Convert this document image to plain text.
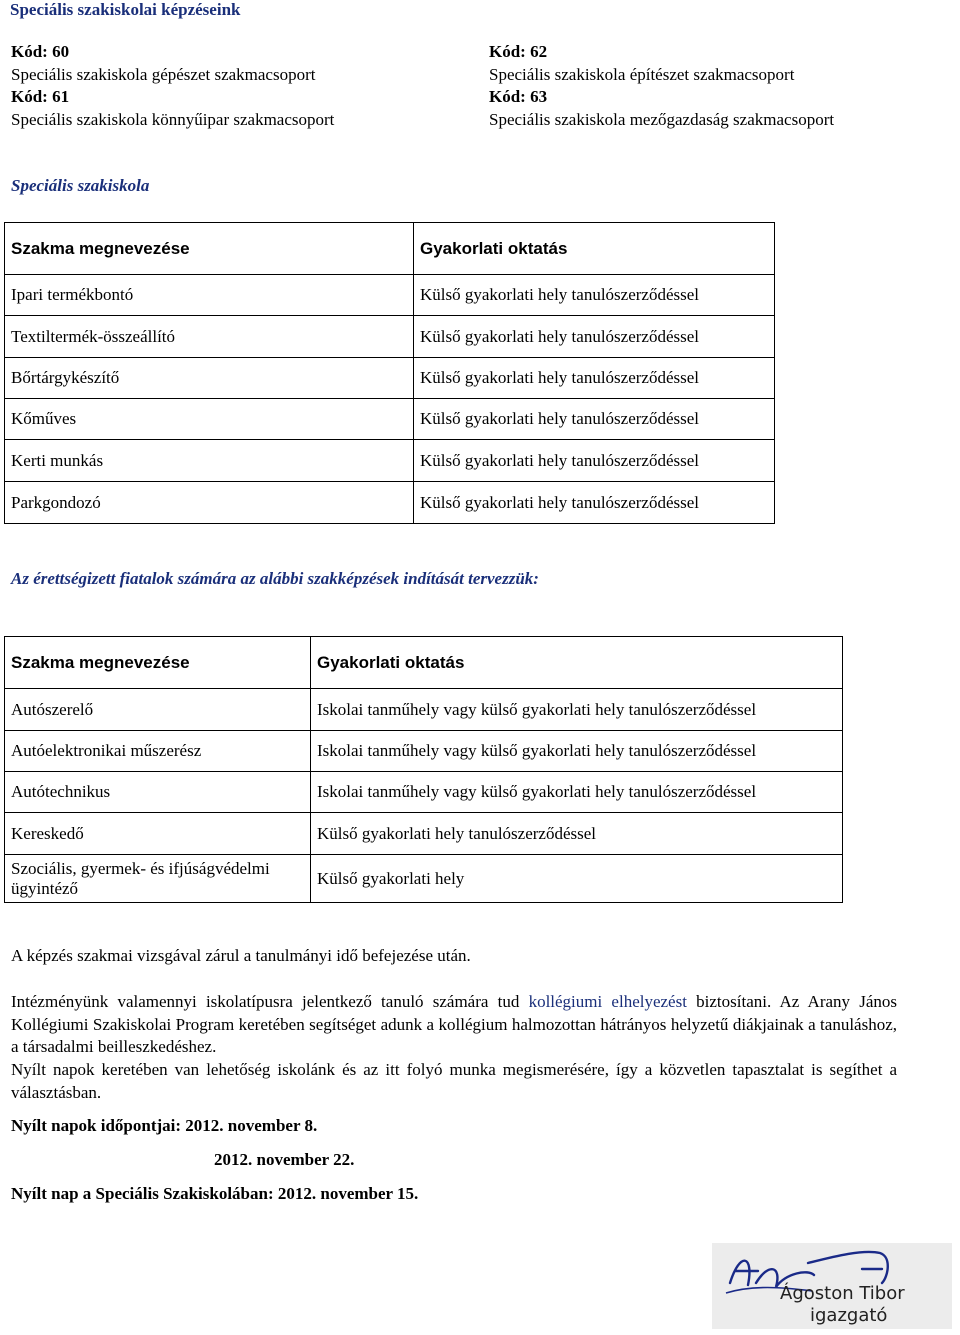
Speciális szakiskolai képzéseink
Kód: 60
Speciális szakiskola gépészet szakmacsoport
Kód: 61
Speciális szakiskola könnyűipar szakmacsoport
Kód: 62
Speciális szakiskola építészet szakmacsoport
Kód: 63
Speciális szakiskola mezőgazdaság szakmacsoport
Speciális szakiskola
Szakma megnevezése	Gyakorlati oktatás
Ipari termékbontó	Külső gyakorlati hely tanulószerződéssel
Textiltermék-összeállító	Külső gyakorlati hely tanulószerződéssel
Bőrtárgykészítő	Külső gyakorlati hely tanulószerződéssel
Kőműves	Külső gyakorlati hely tanulószerződéssel
Kerti munkás	Külső gyakorlati hely tanulószerződéssel
Parkgondozó	Külső gyakorlati hely tanulószerződéssel
Az érettségizett fiatalok számára az alábbi szakképzések indítását tervezzük:
Szakma megnevezése	Gyakorlati oktatás
Autószerelő	Iskolai tanműhely vagy külső gyakorlati hely tanulószerződéssel
Autóelektronikai műszerész	Iskolai tanműhely vagy külső gyakorlati hely tanulószerződéssel
Autótechnikus	Iskolai tanműhely vagy külső gyakorlati hely tanulószerződéssel
Kereskedő	Külső gyakorlati hely tanulószerződéssel
Szociális, gyermek- és ifjúságvédelmi ügyintéző	Külső gyakorlati hely
A képzés szakmai vizsgával zárul a tanulmányi idő befejezése után.
Intézményünk valamennyi iskolatípusra jelentkező tanuló számára tud kollégiumi elhelyezést biztosítani. Az Arany János Kollégiumi Szakiskolai Program keretében segítséget adunk a kollégium halmozottan hátrányos helyzetű diákjainak a tanuláshoz, a társadalmi beilleszkedéshez.
Nyílt napok keretében van lehetőség iskolánk és az itt folyó munka megismerésére, így a közvetlen tapasztalat is segíthet a választásban.
Nyílt napok időpontjai: 2012. november 8.
2012. november 22.
Nyílt nap a Speciális Szakiskolában: 2012. november 15.
Ágoston Tibor
igazgató
